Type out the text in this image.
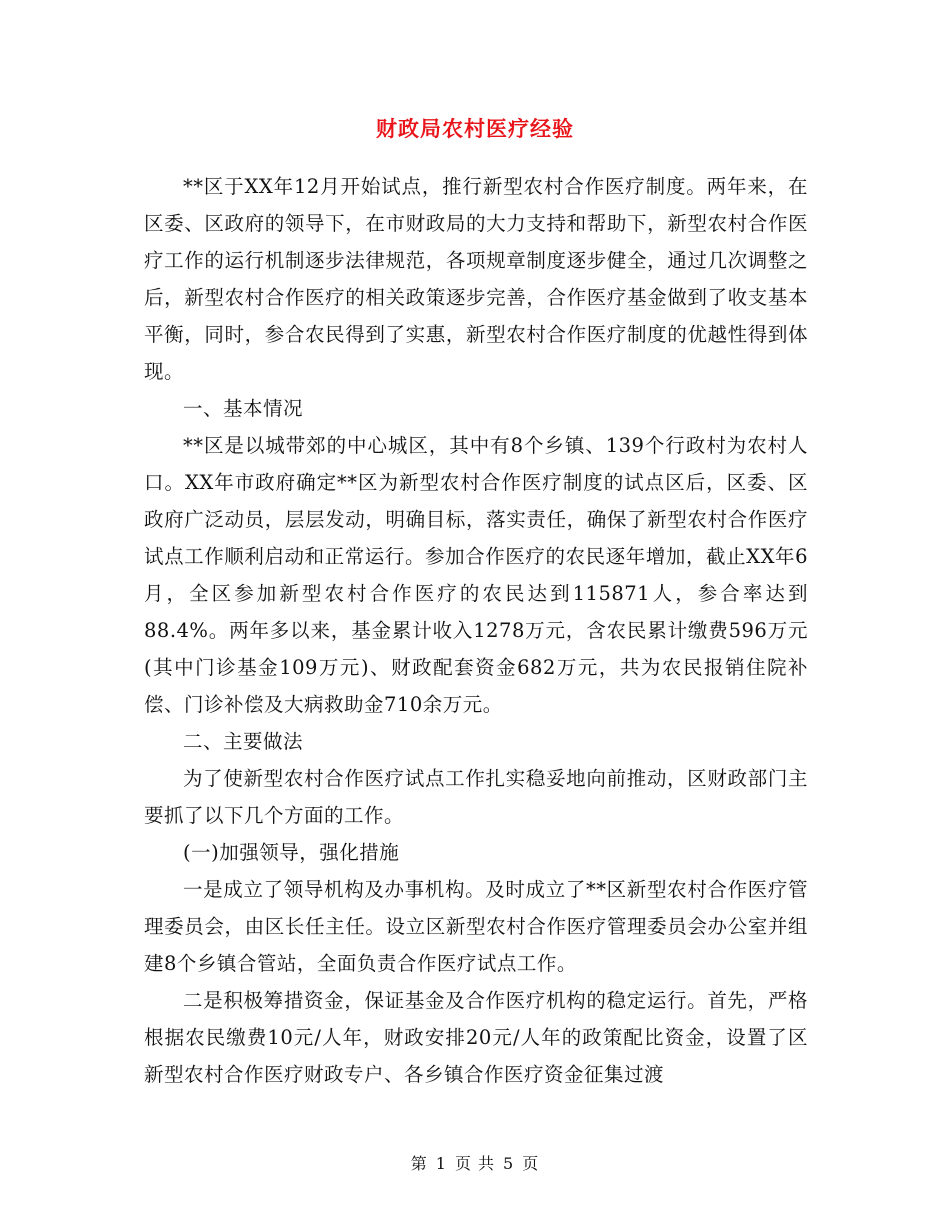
财政局农村医疗经验

**区于XX年12月开始试点，推行新型农村合作医疗制度。两年来，在区委、区政府的领导下，在市财政局的大力支持和帮助下，新型农村合作医疗工作的运行机制逐步法律规范，各项规章制度逐步健全，通过几次调整之后，新型农村合作医疗的相关政策逐步完善，合作医疗基金做到了收支基本平衡，同时，参合农民得到了实惠，新型农村合作医疗制度的优越性得到体现。

一、基本情况

**区是以城带郊的中心城区，其中有8个乡镇、139个行政村为农村人口。XX年市政府确定**区为新型农村合作医疗制度的试点区后，区委、区政府广泛动员，层层发动，明确目标，落实责任，确保了新型农村合作医疗试点工作顺利启动和正常运行。参加合作医疗的农民逐年增加，截止XX年6月，全区参加新型农村合作医疗的农民达到115871人，参合率达到88.4%。两年多以来，基金累计收入1278万元，含农民累计缴费596万元(其中门诊基金109万元)、财政配套资金682万元，共为农民报销住院补偿、门诊补偿及大病救助金710余万元。

二、主要做法

为了使新型农村合作医疗试点工作扎实稳妥地向前推动，区财政部门主要抓了以下几个方面的工作。

(一)加强领导，强化措施

一是成立了领导机构及办事机构。及时成立了**区新型农村合作医疗管理委员会，由区长任主任。设立区新型农村合作医疗管理委员会办公室并组建8个乡镇合管站，全面负责合作医疗试点工作。

二是积极筹措资金，保证基金及合作医疗机构的稳定运行。首先，严格根据农民缴费10元/人年，财政安排20元/人年的政策配比资金，设置了区新型农村合作医疗财政专户、各乡镇合作医疗资金征集过渡

第 1 页 共 5 页
